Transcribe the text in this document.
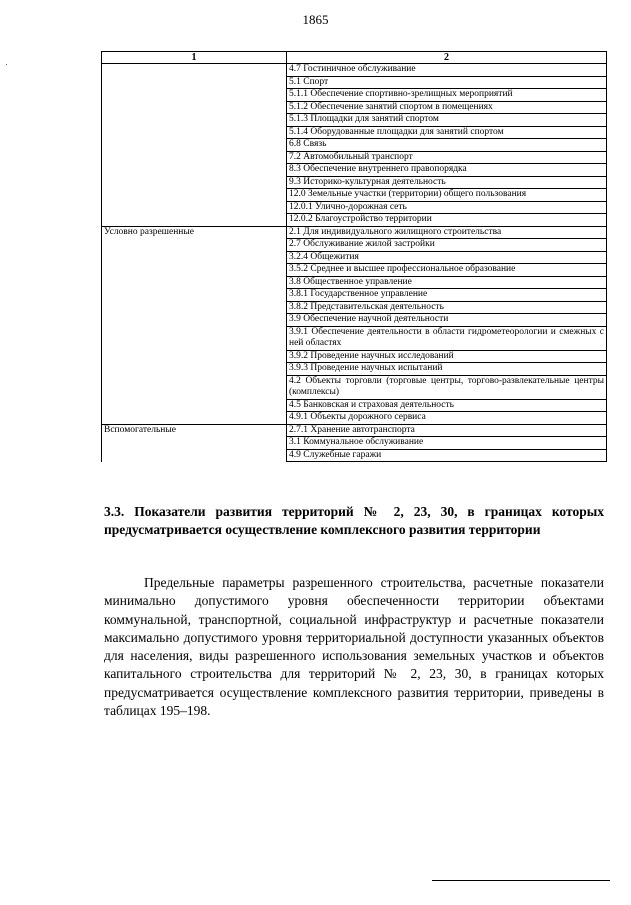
1865
1	2
	4.7 Гостиничное обслуживание
	5.1 Спорт
	5.1.1 Обеспечение спортивно-зрелищных мероприятий
	5.1.2 Обеспечение занятий спортом в помещениях
	5.1.3 Площадки для занятий спортом
	5.1.4 Оборудованные площадки для занятий спортом
	6.8 Связь
	7.2 Автомобильный транспорт
	8.3 Обеспечение внутреннего правопорядка
	9.3 Историко-культурная деятельность
	12.0 Земельные участки (территории) общего пользования
	12.0.1 Улично-дорожная сеть
	12.0.2 Благоустройство территории
Условно разрешенные	2.1 Для индивидуального жилищного строительства
	2.7 Обслуживание жилой застройки
	3.2.4 Общежития
	3.5.2 Среднее и высшее профессиональное образование
	3.8 Общественное управление
	3.8.1 Государственное управление
	3.8.2 Представительская деятельность
	3.9 Обеспечение научной деятельности
	3.9.1 Обеспечение деятельности в области гидрометеорологии и смежных с ней областях
	3.9.2 Проведение научных исследований
	3.9.3 Проведение научных испытаний
	4.2 Объекты торговли (торговые центры, торгово-развлекательные центры (комплексы)
	4.5 Банковская и страховая деятельность
	4.9.1 Объекты дорожного сервиса
Вспомогательные	2.7.1 Хранение автотранспорта
	3.1 Коммунальное обслуживание
	4.9 Служебные гаражи
3.3. Показатели развития территорий № 2, 23, 30, в границах которых предусматривается осуществление комплексного развития территории

Предельные параметры разрешенного строительства, расчетные показатели минимально допустимого уровня обеспеченности территории объектами коммунальной, транспортной, социальной инфраструктур и расчетные показатели максимально допустимого уровня территориальной доступности указанных объектов для населения, виды разрешенного использования земельных участков и объектов капитального строительства для территорий № 2, 23, 30, в границах которых предусматривается осуществление комплексного развития территории, приведены в таблицах 195–198.
